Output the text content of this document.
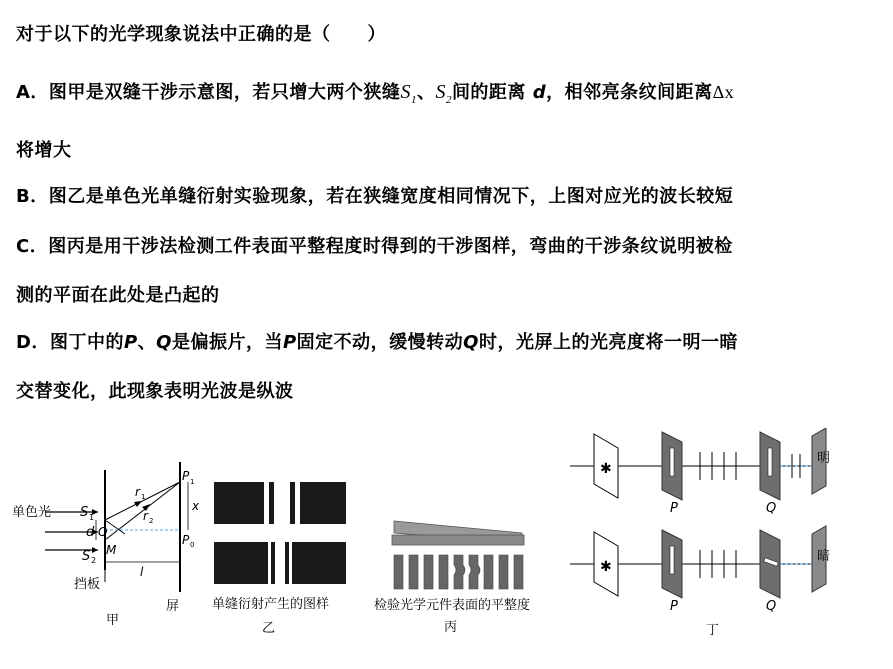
对于以下的光学现象说法中正确的是（　　）
A．图甲是双缝干涉示意图，若只增大两个狭缝$S_1$、$S_2$间的距离 d，相邻亮条纹间距离Δx
将增大
B．图乙是单色光单缝衍射实验现象，若在狭缝宽度相同情况下，上图对应光的波长较短
C．图丙是用干涉法检测工件表面平整程度时得到的干涉图样，弯曲的干涉条纹说明被检
测的平面在此处是凸起的
D．图丁中的P、Q是偏振片，当P固定不动，缓慢转动Q时，光屏上的光亮度将一明一暗
交替变化，此现象表明光波是纵波
单色光 S 1
S 2
d O
M
r 1
r 2
P 1
P 0
x
l
挡板
屏
甲
单缝衍射产生的图样
乙
检验光学元件表面的平整度
丙
✱
P	Q
明
✱
P	Q
暗
丁
